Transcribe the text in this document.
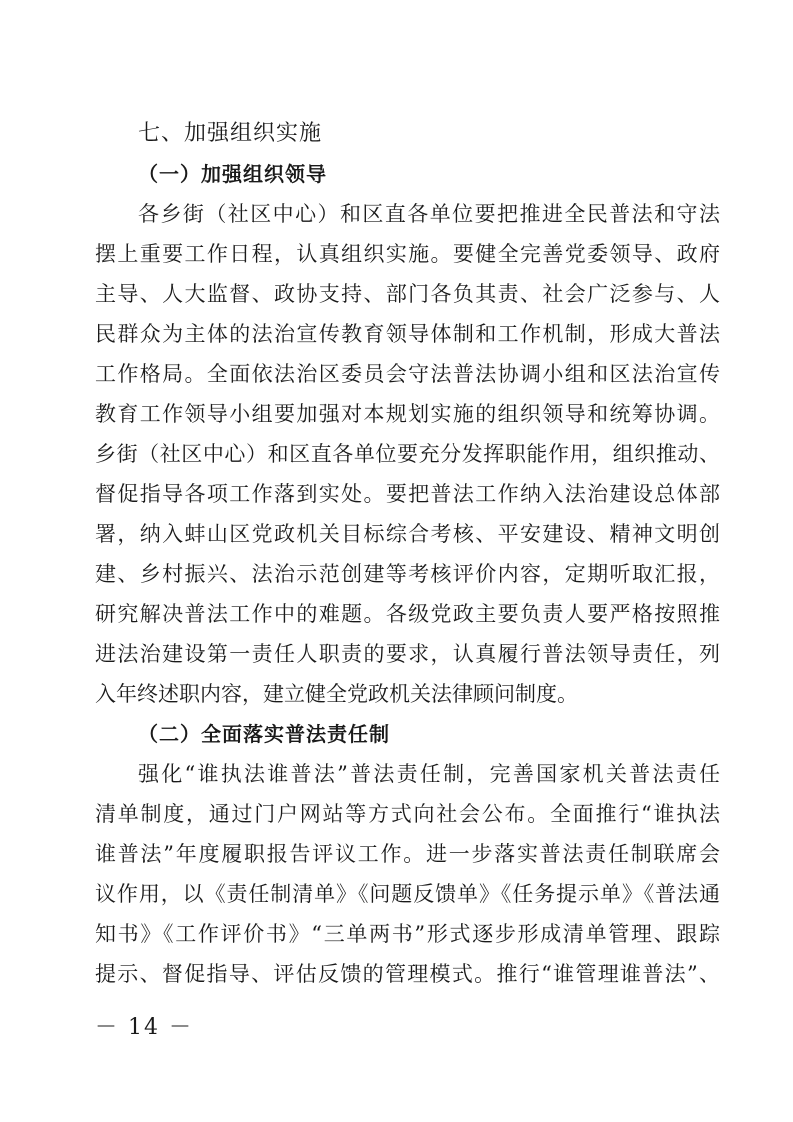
七、加强组织实施
（一）加强组织领导
各乡街（社区中心）和区直各单位要把推进全民普法和守法
摆上重要工作日程，认真组织实施。要健全完善党委领导、政府
主导、人大监督、政协支持、部门各负其责、社会广泛参与、人
民群众为主体的法治宣传教育领导体制和工作机制，形成大普法
工作格局。全面依法治区委员会守法普法协调小组和区法治宣传
教育工作领导小组要加强对本规划实施的组织领导和统筹协调。
乡街（社区中心）和区直各单位要充分发挥职能作用，组织推动、
督促指导各项工作落到实处。要把普法工作纳入法治建设总体部
署，纳入蚌山区党政机关目标综合考核、平安建设、精神文明创
建、乡村振兴、法治示范创建等考核评价内容，定期听取汇报，
研究解决普法工作中的难题。各级党政主要负责人要严格按照推
进法治建设第一责任人职责的要求，认真履行普法领导责任，列
入年终述职内容，建立健全党政机关法律顾问制度。
（二）全面落实普法责任制
强化“谁执法谁普法”普法责任制，完善国家机关普法责任
清单制度，通过门户网站等方式向社会公布。全面推行“谁执法
谁普法”年度履职报告评议工作。进一步落实普法责任制联席会
议作用，以《责任制清单》《问题反馈单》《任务提示单》《普法通
知书》《工作评价书》“三单两书”形式逐步形成清单管理、跟踪
提示、督促指导、评估反馈的管理模式。推行“谁管理谁普法”、
－ 14 －
